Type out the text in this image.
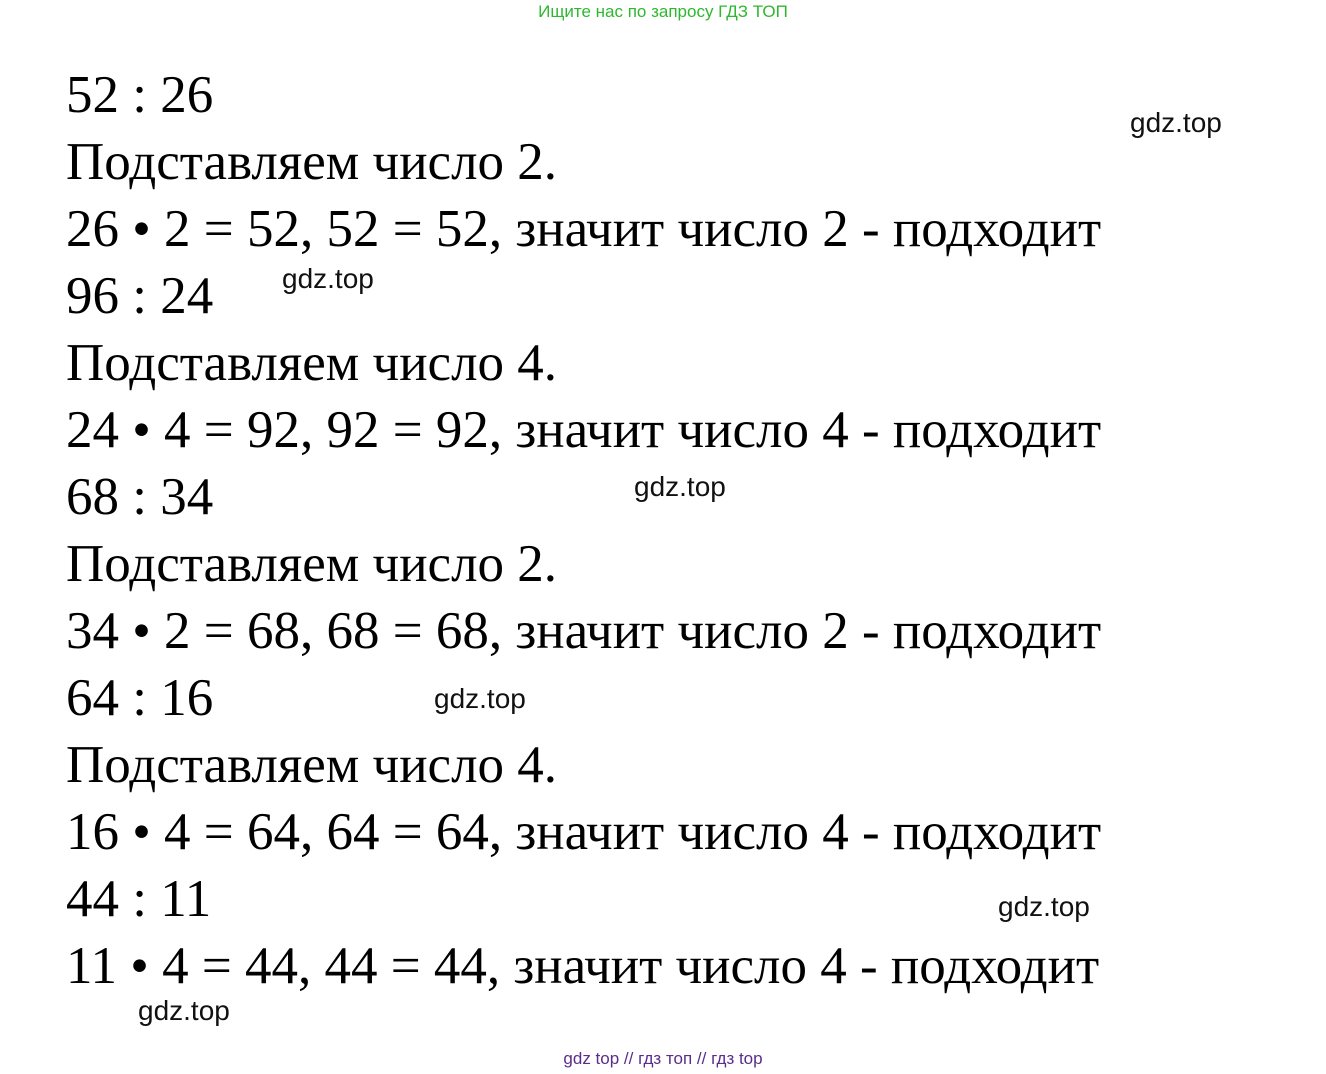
Ищите нас по запросу ГДЗ ТОП
52 : 26
Подставляем число 2.
26 • 2 = 52, 52 = 52, значит число 2 - подходит
96 : 24
Подставляем число 4.
24 • 4 = 92, 92 = 92, значит число 4 - подходит
68 : 34
Подставляем число 2.
34 • 2 = 68, 68 = 68, значит число 2 - подходит
64 : 16
Подставляем число 4.
16 • 4 = 64, 64 = 64, значит число 4 - подходит
44 : 11
11 • 4 = 44, 44 = 44, значит число 4 - подходит
gdz.top
gdz.top
gdz.top
gdz.top
gdz.top
gdz.top
gdz top // гдз топ // гдз top
